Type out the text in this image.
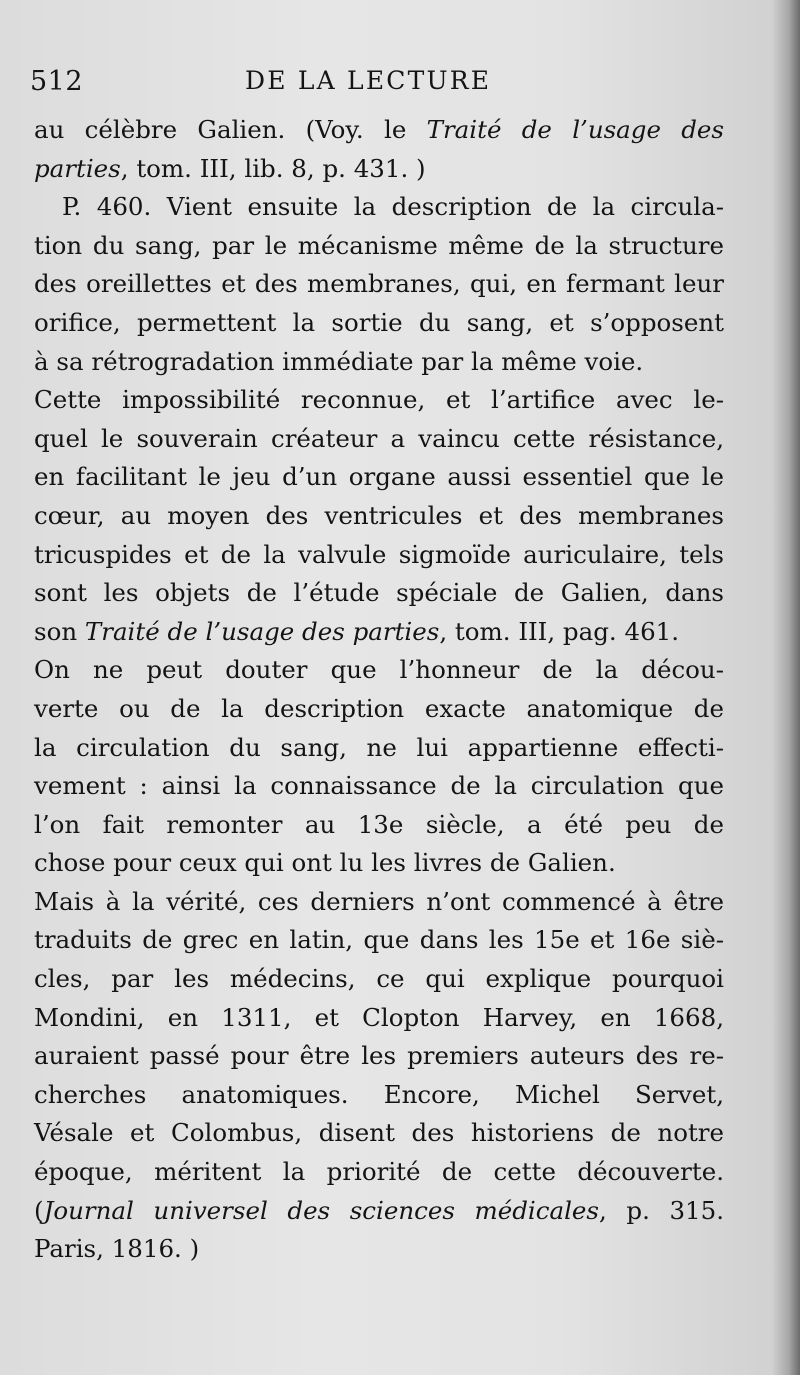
512	DE LA LECTURE
au célèbre Galien. (Voy. le Traité de l’usage des
parties, tom. III, lib. 8, p. 431. )
P. 460. Vient ensuite la description de la circula-
tion du sang, par le mécanisme même de la structure
des oreillettes et des membranes, qui, en fermant leur
orifice, permettent la sortie du sang, et s’opposent
à sa rétrogradation immédiate par la même voie.
Cette impossibilité reconnue, et l’artifice avec le-
quel le souverain créateur a vaincu cette résistance,
en facilitant le jeu d’un organe aussi essentiel que le
cœur, au moyen des ventricules et des membranes
tricuspides et de la valvule sigmoïde auriculaire, tels
sont les objets de l’étude spéciale de Galien, dans
son Traité de l’usage des parties, tom. III, pag. 461.
On ne peut douter que l’honneur de la décou-
verte ou de la description exacte anatomique de
la circulation du sang, ne lui appartienne effecti-
vement : ainsi la connaissance de la circulation que
l’on fait remonter au 13e siècle, a été peu de
chose pour ceux qui ont lu les livres de Galien.
Mais à la vérité, ces derniers n’ont commencé à être
traduits de grec en latin, que dans les 15e et 16e siè-
cles, par les médecins, ce qui explique pourquoi
Mondini, en 1311, et Clopton Harvey, en 1668,
auraient passé pour être les premiers auteurs des re-
cherches anatomiques. Encore, Michel Servet,
Vésale et Colombus, disent des historiens de notre
époque, méritent la priorité de cette découverte.
(Journal universel des sciences médicales, p. 315.
Paris, 1816. )
